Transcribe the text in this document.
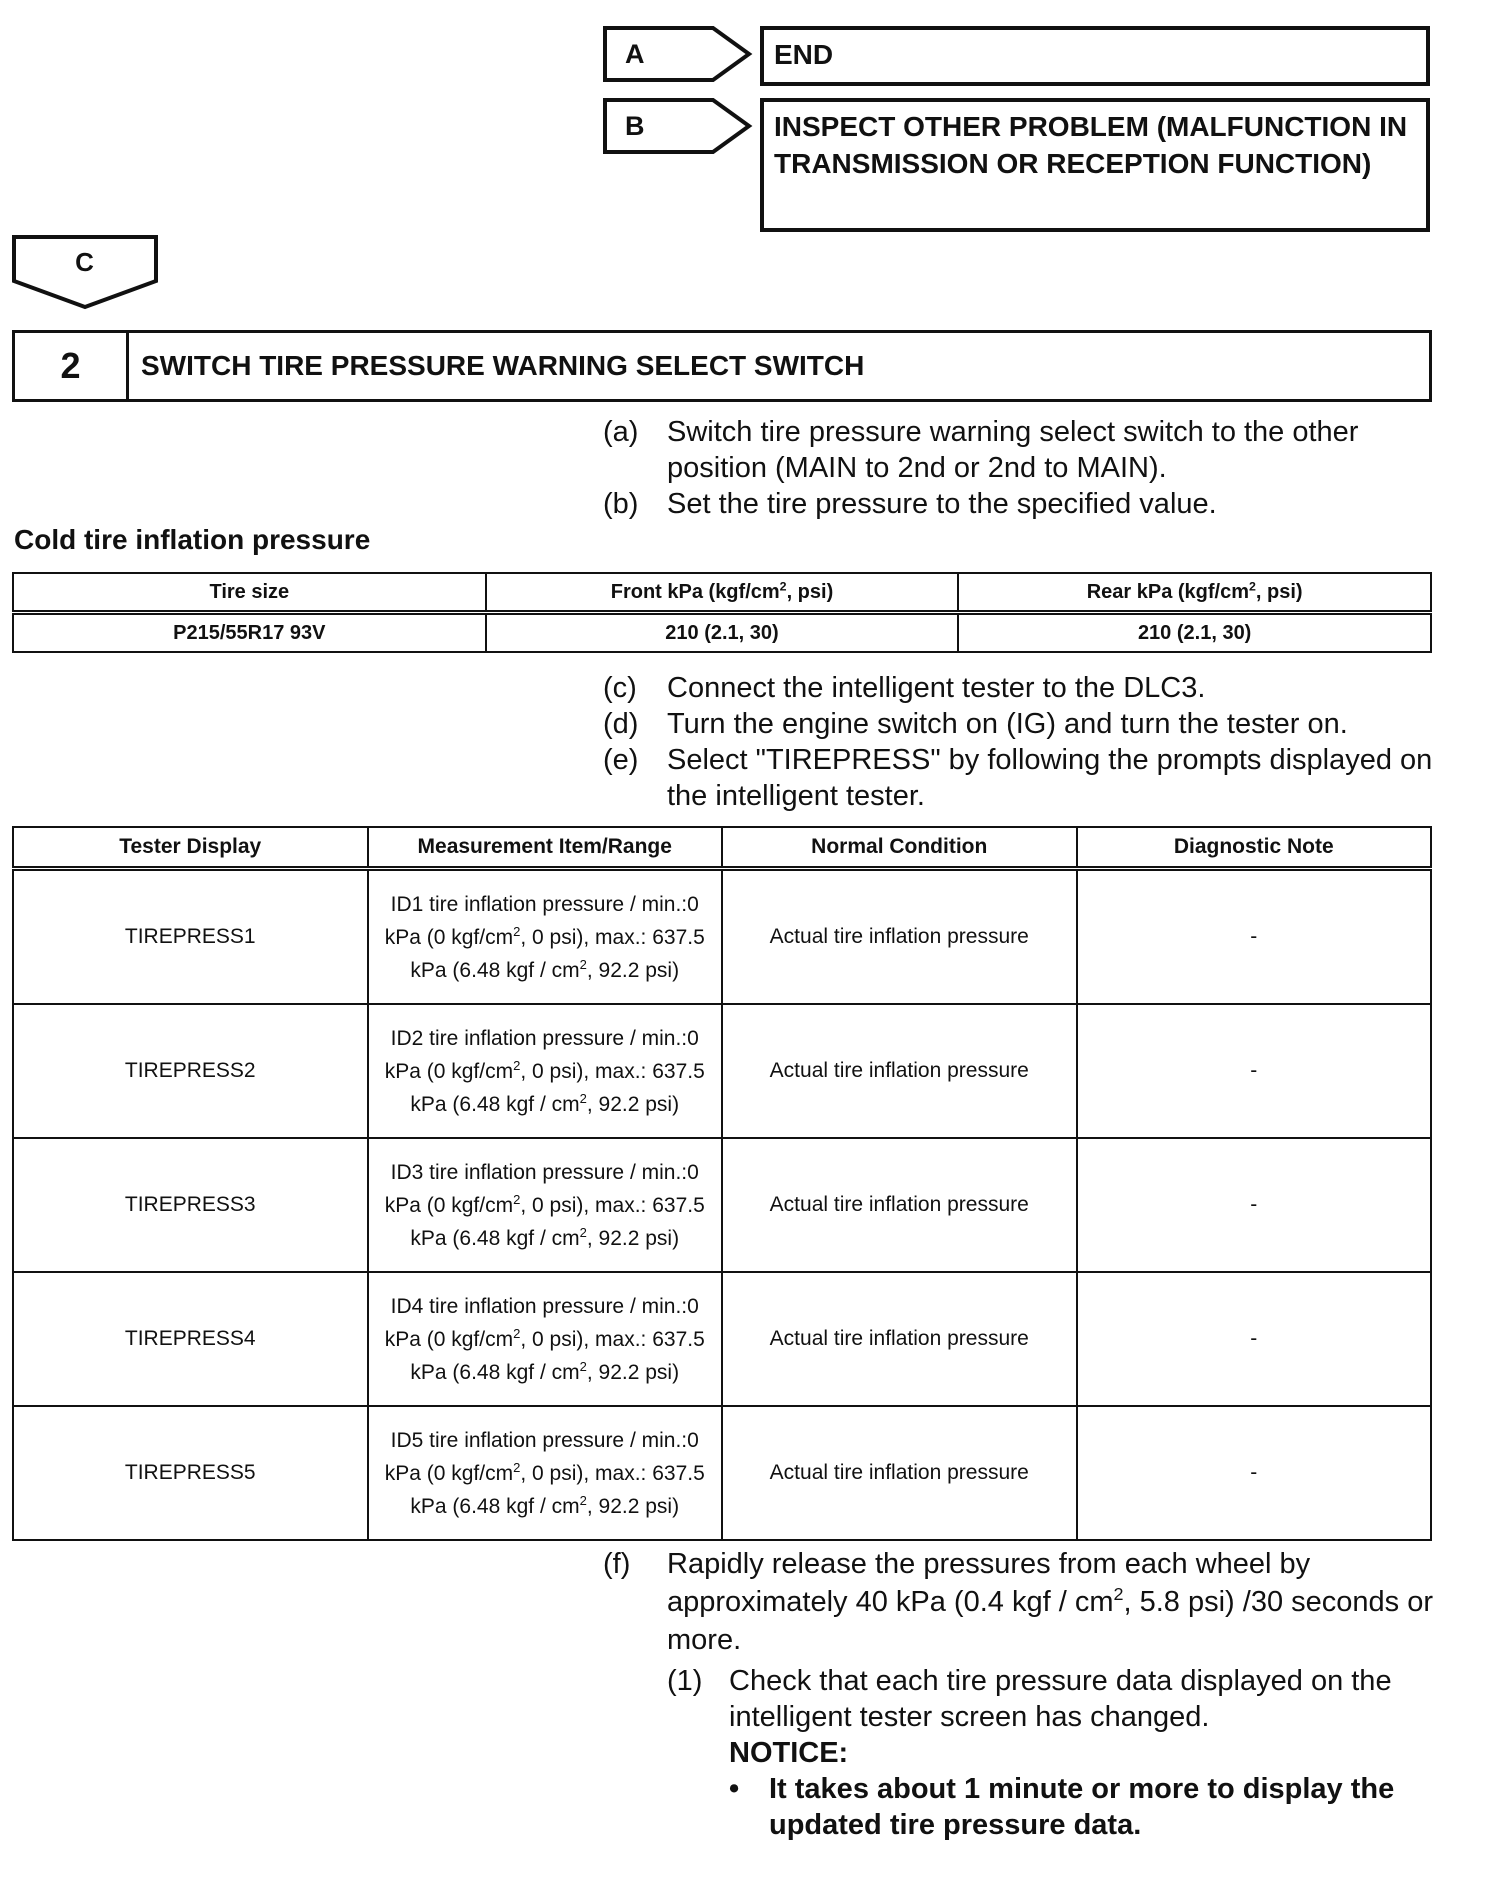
A	END
B	INSPECT OTHER PROBLEM (MALFUNCTION IN TRANSMISSION OR RECEPTION FUNCTION)
C
2	SWITCH TIRE PRESSURE WARNING SELECT SWITCH
(a) Switch tire pressure warning select switch to the other position (MAIN to 2nd or 2nd to MAIN).
(b) Set the tire pressure to the specified value.
Cold tire inflation pressure
Tire size	Front kPa ($kgf/cm^2$, psi)	Rear kPa ($kgf/cm^2$, psi)
P215/55R17 93V	210 (2.1, 30)	210 (2.1, 30)
(c)	Connect the intelligent tester to the DLC3.
(d) Turn the engine switch on (IG) and turn the tester on.
(e) Select "TIREPRESS" by following the prompts displayed on the intelligent tester.
Tester Display	Measurement Item/Range	Normal Condition	Diagnostic Note
TIREPRESS1	ID1 tire inflation pressure / min.:0 kPa (0 kgf/$cm^2$, 0 psi), max.: 637.5 kPa (6.48 kgf / $cm^2$, 92.2 psi)	Actual tire inflation pressure	-
TIREPRESS2	ID2 tire inflation pressure / min.:0 kPa (0 kgf/$cm^2$, 0 psi), max.: 637.5 kPa (6.48 kgf / $cm^2$, 92.2 psi)	Actual tire inflation pressure	-
TIREPRESS3	ID3 tire inflation pressure / min.:0 kPa (0 kgf/$cm^2$, 0 psi), max.: 637.5 kPa (6.48 kgf / $cm^2$, 92.2 psi)	Actual tire inflation pressure	-
TIREPRESS4	ID4 tire inflation pressure / min.:0 kPa (0 kgf/$cm^2$, 0 psi), max.: 637.5 kPa (6.48 kgf / $cm^2$, 92.2 psi)	Actual tire inflation pressure	-
TIREPRESS5	ID5 tire inflation pressure / min.:0 kPa (0 kgf/$cm^2$, 0 psi), max.: 637.5 kPa (6.48 kgf / $cm^2$, 92.2 psi)	Actual tire inflation pressure	-
(f)	Rapidly release the pressures from each wheel by approximately 40 kPa (0.4 kgf / $cm^2$, 5.8 psi) /30 seconds or more.
(1) Check that each tire pressure data displayed on the intelligent tester screen has changed.
NOTICE:
•	It takes about 1 minute or more to display the updated tire pressure data.
